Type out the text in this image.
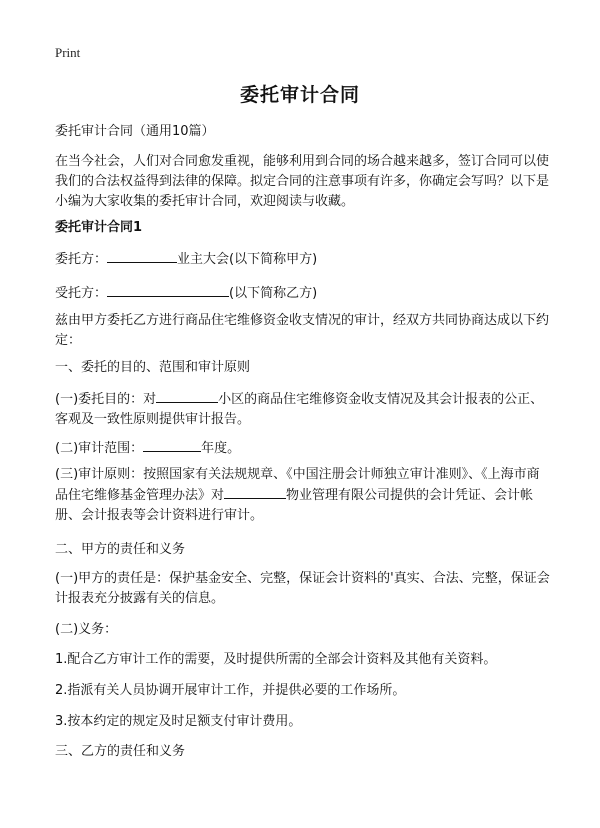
Print
委托审计合同

委托审计合同（通用10篇）

在当今社会，人们对合同愈发重视，能够利用到合同的场合越来越多，签订合同可以使我们的合法权益得到法律的保障。拟定合同的注意事项有许多，你确定会写吗？以下是小编为大家收集的委托审计合同，欢迎阅读与收藏。

委托审计合同1

委托方：	业主大会(以下简称甲方)

受托方：	(以下简称乙方)

兹由甲方委托乙方进行商品住宅维修资金收支情况的审计，经双方共同协商达成以下约定：

一、委托的目的、范围和审计原则

(一)委托目的：对	小区的商品住宅维修资金收支情况及其会计报表的公正、客观及一致性原则提供审计报告。

(二)审计范围：	年度。

(三)审计原则：按照国家有关法规规章、《中国注册会计师独立审计准则》、《上海市商品住宅维修基金管理办法》对	物业管理有限公司提供的会计凭证、会计帐册、会计报表等会计资料进行审计。

二、甲方的责任和义务

(一)甲方的责任是：保护基金安全、完整，保证会计资料的'真实、合法、完整，保证会计报表充分披露有关的信息。

(二)义务：

1.配合乙方审计工作的需要，及时提供所需的全部会计资料及其他有关资料。

2.指派有关人员协调开展审计工作，并提供必要的工作场所。

3.按本约定的规定及时足额支付审计费用。

三、乙方的责任和义务
